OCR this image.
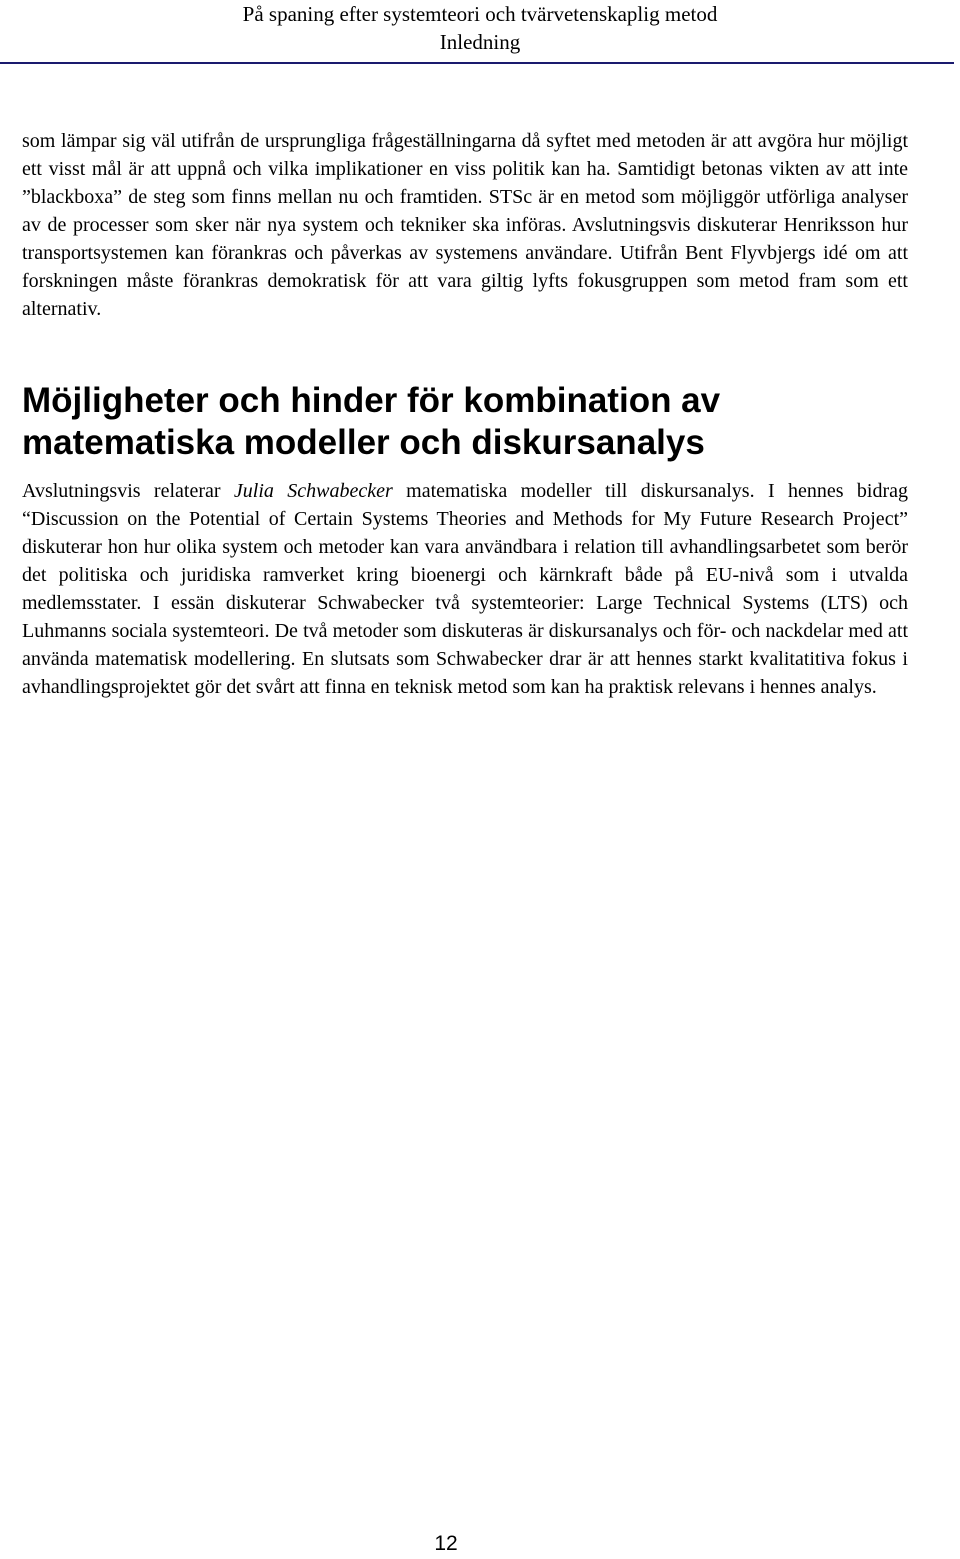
På spaning efter systemteori och tvärvetenskaplig metod
Inledning

som lämpar sig väl utifrån de ursprungliga frågeställningarna då syftet med metoden är att avgöra hur möjligt ett visst mål är att uppnå och vilka implikationer en viss politik kan ha. Samtidigt betonas vikten av att inte ”blackboxa” de steg som finns mellan nu och framtiden. STSc är en metod som möjliggör utförliga analyser av de processer som sker när nya system och tekniker ska införas. Avslutningsvis diskuterar Henriksson hur transportsystemen kan förankras och påverkas av systemens användare. Utifrån Bent Flyvbjergs idé om att forskningen måste förankras demokratisk för att vara giltig lyfts fokusgruppen som metod fram som ett alternativ.

Möjligheter och hinder för kombination av matematiska modeller och diskursanalys

Avslutningsvis relaterar Julia Schwabecker matematiska modeller till diskursanalys. I hennes bidrag “Discussion on the Potential of Certain Systems Theories and Methods for My Future Research Project” diskuterar hon hur olika system och metoder kan vara användbara i relation till avhandlingsarbetet som berör det politiska och juridiska ramverket kring bioenergi och kärnkraft både på EU-nivå som i utvalda medlemsstater. I essän diskuterar Schwabecker två systemteorier: Large Technical Systems (LTS) och Luhmanns sociala systemteori. De två metoder som diskuteras är diskursanalys och för- och nackdelar med att använda matematisk modellering. En slutsats som Schwabecker drar är att hennes starkt kvalitatitiva fokus i avhandlingsprojektet gör det svårt att finna en teknisk metod som kan ha praktisk relevans i hennes analys.

12
